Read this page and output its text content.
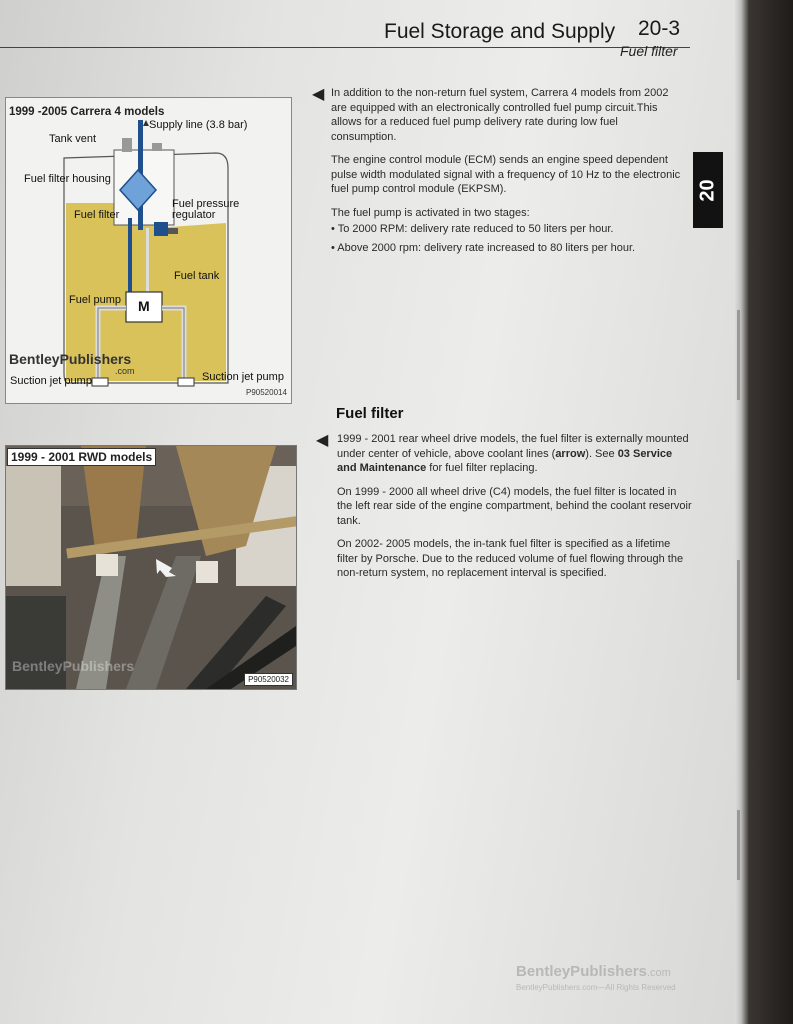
Fuel Storage and Supply 20-3
Fuel filter
1999 -2005 Carrera 4 models
Tank vent
Supply line (3.8 bar)
Fuel filter housing
Fuel filter
Fuel pressure
regulator
Fuel tank
Fuel pump M
Suction jet pump	Suction jet pump
BentleyPublishers
.com
P90520014
1999 - 2001 RWD models
BentleyPublishers
P90520032
◀ In addition to the non-return fuel system, Carrera 4 models from 2002 are equipped with an electronically controlled fuel pump circuit.This allows for a reduced fuel pump delivery rate during low fuel consumption.

The engine control module (ECM) sends an engine speed dependent pulse width modulated signal with a frequency of 10 Hz to the electronic fuel pump control module (EKPSM).

The fuel pump is activated in two stages:

• To 2000 RPM: delivery rate reduced to 50 liters per hour.
• Above 2000 rpm: delivery rate increased to 80 liters per hour.
Fuel filter
◀ 1999 - 2001 rear wheel drive models, the fuel filter is externally mounted under center of vehicle, above coolant lines (arrow). See 03 Service and Maintenance for fuel filter replacing.

On 1999 - 2000 all wheel drive (C4) models, the fuel filter is located in the left rear side of the engine compartment, behind the coolant reservoir tank.

On 2002- 2005 models, the in-tank fuel filter is specified as a lifetime filter by Porsche. Due to the reduced volume of fuel flowing through the non-return system, no replacement interval is specified.

BentleyPublishers.com
BentleyPublishers.com—All Rights Reserved
20
